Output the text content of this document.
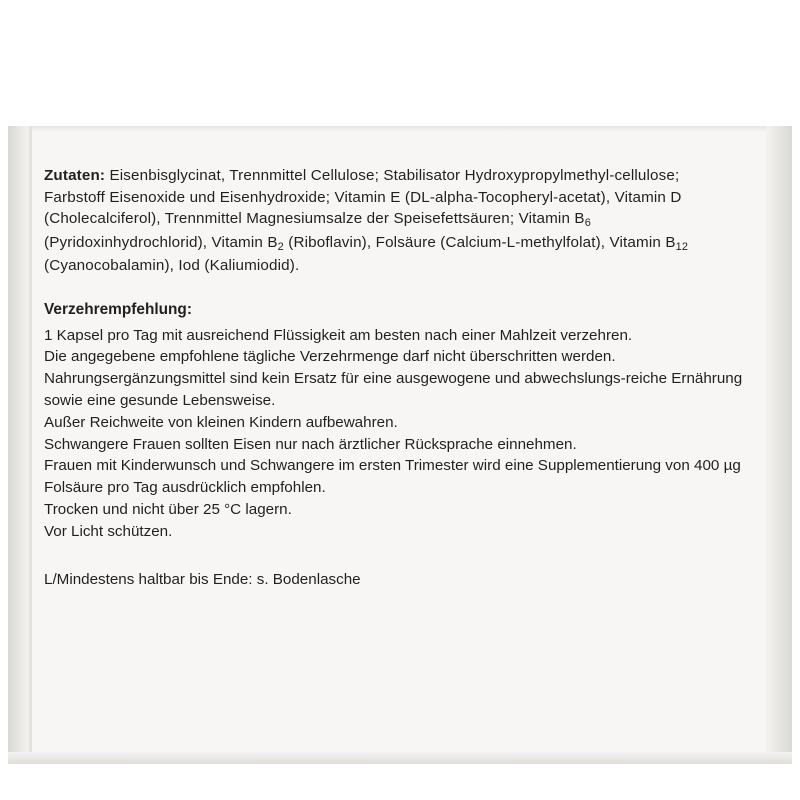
Zutaten: Eisenbisglycinat, Trennmittel Cellulose; Stabilisator Hydroxypropylmethyl-cellulose; Farbstoff Eisenoxide und Eisenhydroxide; Vitamin E (DL-alpha-Tocopheryl-acetat), Vitamin D (Cholecalciferol), Trennmittel Magnesiumsalze der Speisefettsäuren; Vitamin $B_6$ (Pyridoxinhydrochlorid), Vitamin $B_2$ (Riboflavin), Folsäure (Calcium-L-methylfolat), Vitamin $B_{12}$ (Cyanocobalamin), Iod (Kaliumiodid).

Verzehrempfehlung:

1 Kapsel pro Tag mit ausreichend Flüssigkeit am besten nach einer Mahlzeit verzehren.

Die angegebene empfohlene tägliche Verzehrmenge darf nicht überschritten werden.

Nahrungsergänzungsmittel sind kein Ersatz für eine ausgewogene und abwechslungs-reiche Ernährung sowie eine gesunde Lebensweise.

Außer Reichweite von kleinen Kindern aufbewahren.

Schwangere Frauen sollten Eisen nur nach ärztlicher Rücksprache einnehmen.

Frauen mit Kinderwunsch und Schwangere im ersten Trimester wird eine Supplementierung von 400 µg Folsäure pro Tag ausdrücklich empfohlen.

Trocken und nicht über 25 °C lagern.

Vor Licht schützen.

L/Mindestens haltbar bis Ende: s. Bodenlasche
